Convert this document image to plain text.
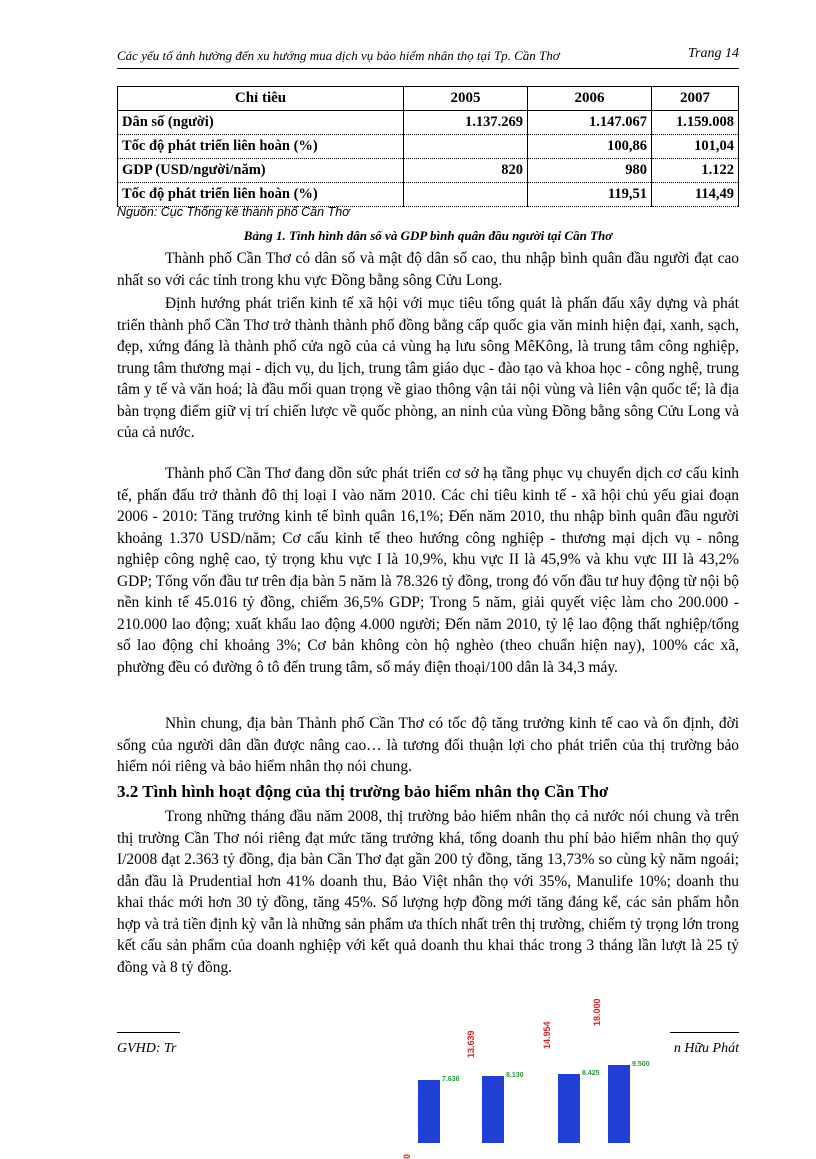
Các yếu tố ảnh hưởng đến xu hướng mua dịch vụ bảo hiểm nhân thọ tại Tp. Cần Thơ	Trang 14
Chỉ tiêu	2005	2006	2007
Dân số (người)	1.137.269	1.147.067	1.159.008
Tốc độ phát triển liên hoàn (%)		100,86	101,04
GDP (USD/người/năm)	820	980	1.122
Tốc độ phát triển liên hoàn (%)		119,51	114,49
Nguồn: Cục Thống kê thành phố Cần Thơ
Bảng 1. Tình hình dân số và GDP bình quân đầu người tại Cần Thơ

Thành phố Cần Thơ có dân số và mật độ dân số cao, thu nhập bình quân đầu người đạt cao nhất so với các tỉnh trong khu vực Đồng bằng sông Cửu Long.

Định hướng phát triển kinh tế xã hội với mục tiêu tổng quát là phấn đấu xây dựng và phát triển thành phố Cần Thơ trở thành thành phố đồng bằng cấp quốc gia văn minh hiện đại, xanh, sạch, đẹp, xứng đáng là thành phố cửa ngõ của cả vùng hạ lưu sông MêKông, là trung tâm công nghiệp, trung tâm thương mại - dịch vụ, du lịch, trung tâm giáo dục - đào tạo và khoa học - công nghệ, trung tâm y tế và văn hoá; là đầu mối quan trọng về giao thông vận tải nội vùng và liên vận quốc tế; là địa bàn trọng điểm giữ vị trí chiến lược về quốc phòng, an ninh của vùng Đồng bằng sông Cửu Long và của cả nước.

Thành phố Cần Thơ đang dồn sức phát triển cơ sở hạ tầng phục vụ chuyển dịch cơ cấu kinh tế, phấn đấu trở thành đô thị loại I vào năm 2010. Các chỉ tiêu kinh tế - xã hội chủ yếu giai đoạn 2006 - 2010: Tăng trưởng kinh tế bình quân 16,1%; Đến năm 2010, thu nhập bình quân đầu người khoảng 1.370 USD/năm; Cơ cấu kinh tế theo hướng công nghiệp - thương mại dịch vụ - nông nghiệp công nghệ cao, tỷ trọng khu vực I là 10,9%, khu vực II là 45,9% và khu vực III là 43,2% GDP; Tổng vốn đầu tư trên địa bàn 5 năm là 78.326 tỷ đồng, trong đó vốn đầu tư huy động từ nội bộ nền kinh tế 45.016 tỷ đồng, chiếm 36,5% GDP; Trong 5 năm, giải quyết việc làm cho 200.000 - 210.000 lao động; xuất khẩu lao động 4.000 người; Đến năm 2010, tỷ lệ lao động thất nghiệp/tổng số lao động chỉ khoảng 3%; Cơ bản không còn hộ nghèo (theo chuẩn hiện nay), 100% các xã, phường đều có đường ô tô đến trung tâm, số máy điện thoại/100 dân là 34,3 máy.

Nhìn chung, địa bàn Thành phố Cần Thơ có tốc độ tăng trưởng kinh tế cao và ổn định, đời sống của người dân dần được nâng cao… là tương đối thuận lợi cho phát triển của thị trường bảo hiểm nói riêng và bảo hiểm nhân thọ nói chung.

3.2 Tình hình hoạt động của thị trường bảo hiểm nhân thọ Cần Thơ

Trong những tháng đầu năm 2008, thị trường bảo hiểm nhân thọ cả nước nói chung và trên thị trường Cần Thơ nói riêng đạt mức tăng trưởng khá, tổng doanh thu phí bảo hiểm nhân thọ quý I/2008 đạt 2.363 tỷ đồng, địa bàn Cần Thơ đạt gần 200 tỷ đồng, tăng 13,73% so cùng kỳ năm ngoái; dẫn đầu là Prudential hơn 41% doanh thu, Bảo Việt nhân thọ với 35%, Manulife 10%; doanh thu khai thác mới hơn 30 tỷ đồng, tăng 45%. Số lượng hợp đồng mới tăng đáng kể, các sản phẩm hỗn hợp và trả tiền định kỳ vẫn là những sản phẩm ưa thích nhất trên thị trường, chiếm tỷ trọng lớn trong kết cấu sản phẩm của doanh nghiệp với kết quả doanh thu khai thác trong 3 tháng lần lượt là 25 tỷ đồng và 8 tỷ đồng.

GVHD: Tr	n Hữu Phát
7.636
8.130	8.425
9.500
0
13.639	14.954
18.000
